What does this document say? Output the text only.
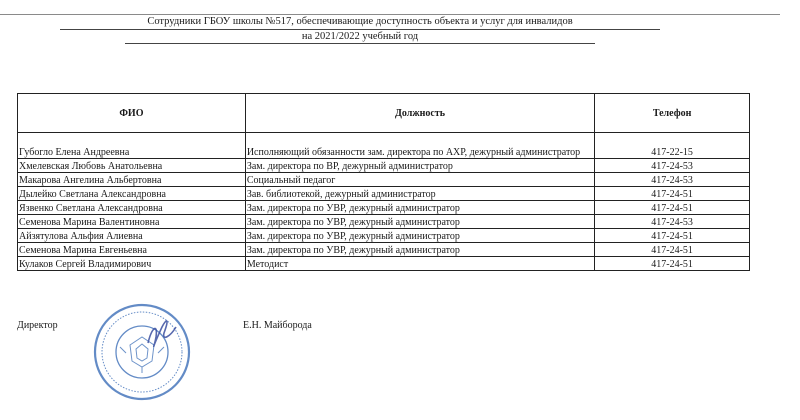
Сотрудники ГБОУ школы №517, обеспечивающие доступность объекта и услуг для инвалидов
на 2021/2022 учебный год
ФИО	Должность	Телефон
Губогло Елена Андреевна	Исполняющий обязанности зам. директора по АХР, дежурный администратор	417-22-15
Хмелевская Любовь Анатольевна	Зам. директора по ВР, дежурный администратор	417-24-53
Макарова Ангелина Альбертовна	Социальный педагог	417-24-53
Дылейко Светлана Александровна	Зав. библиотекой, дежурный администратор	417-24-51
Язвенко Светлана Александровна	Зам. директора по УВР, дежурный администратор	417-24-51
Семенова Марина Валентиновна	Зам. директора по УВР, дежурный администратор	417-24-53
Айзятулова Альфия Алиевна	Зам. директора по УВР, дежурный администратор	417-24-51
Семенова Марина Евгеньевна	Зам. директора по УВР, дежурный администратор	417-24-51
Кулаков Сергей Владимирович	Методист	417-24-51
Директор	Е.Н. Майборода
